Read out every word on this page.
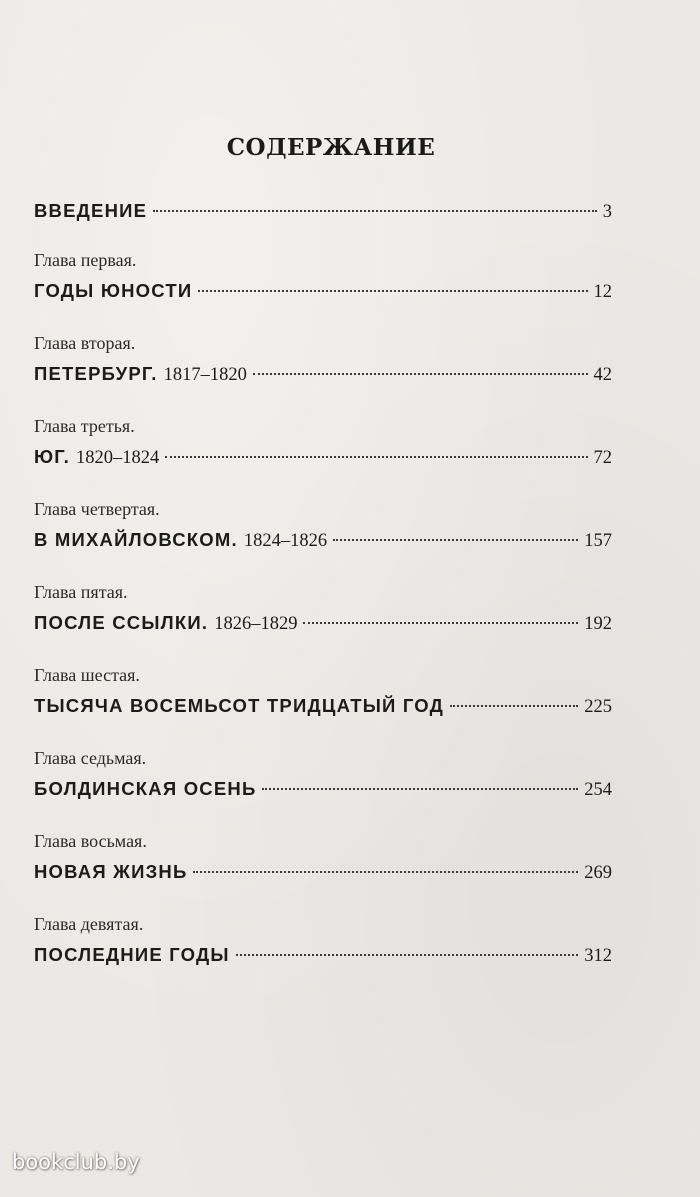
СОДЕРЖАНИЕ
ВВЕДЕНИЕ	3
Глава первая.
ГОДЫ ЮНОСТИ	12
Глава вторая.
ПЕТЕРБУРГ. 1817–1820	42
Глава третья.
ЮГ. 1820–1824	72
Глава четвертая.
В МИХАЙЛОВСКОМ. 1824–1826	157
Глава пятая.
ПОСЛЕ ССЫЛКИ. 1826–1829	192
Глава шестая.
ТЫСЯЧА ВОСЕМЬСОТ ТРИДЦАТЫЙ ГОД	225
Глава седьмая.
БОЛДИНСКАЯ ОСЕНЬ	254
Глава восьмая.
НОВАЯ ЖИЗНЬ	269
Глава девятая.
ПОСЛЕДНИЕ ГОДЫ	312
bookclub.by
